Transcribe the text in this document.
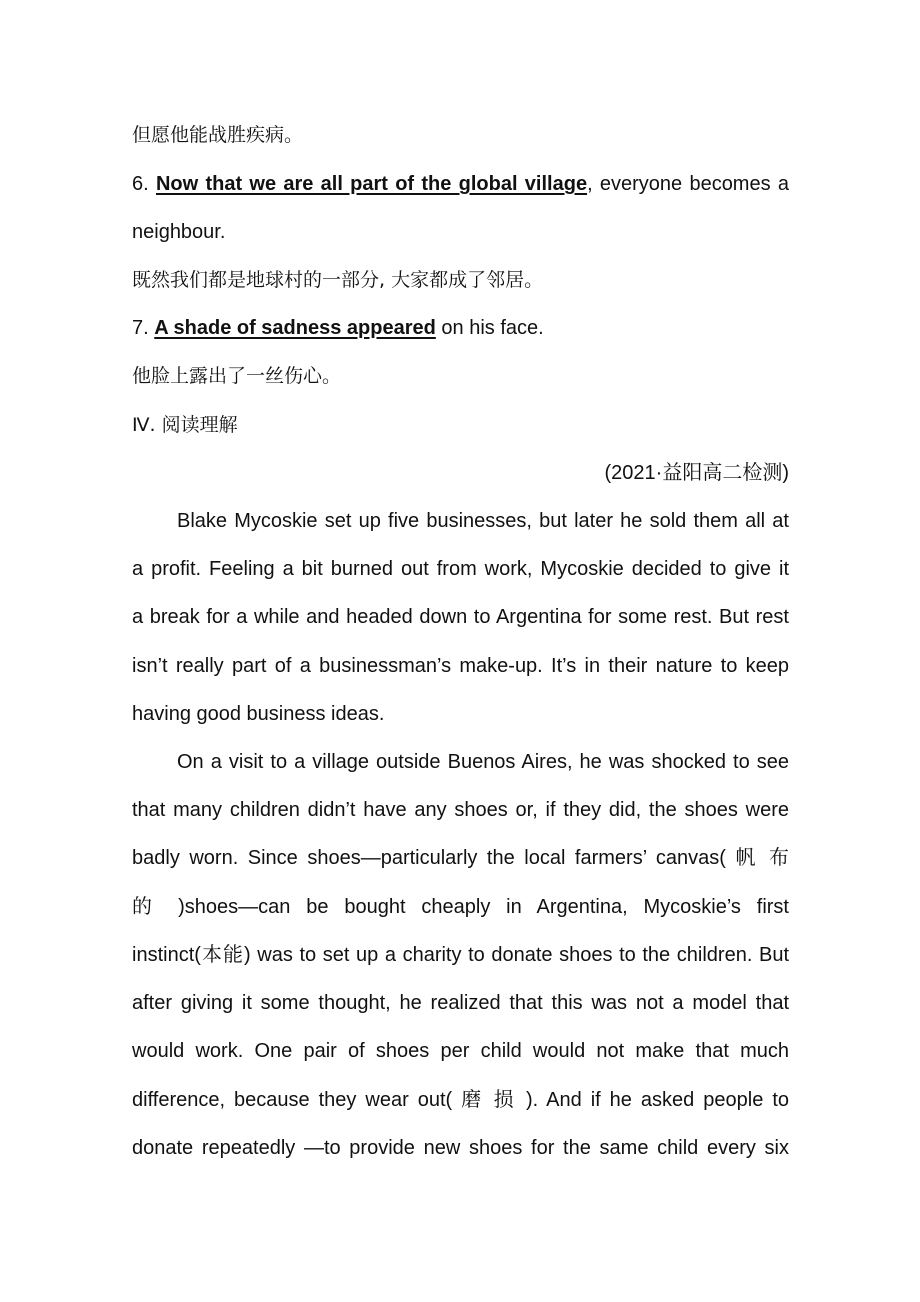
但愿他能战胜疾病。
6. Now that we are all part of the global village, everyone becomes a
neighbour.
既然我们都是地球村的一部分, 大家都成了邻居。
7. A shade of sadness appeared on his face.
他脸上露出了一丝伤心。
Ⅳ. 阅读理解
(2021·益阳高二检测)
Blake Mycoskie set up five businesses, but later he sold them all at
a profit. Feeling a bit burned out from work, Mycoskie decided to give it
a break for a while and headed down to Argentina for some rest. But rest
isn’t really part of a businessman’s make-up. It’s in their nature to keep
having good business ideas.
On a visit to a village outside Buenos Aires, he was shocked to see
that many children didn’t have any shoes or, if they did, the shoes were
badly worn. Since shoes—particularly the local farmers’ canvas( 帆 布
的 )shoes—can be bought cheaply in Argentina, Mycoskie’s first
instinct(本能) was to set up a charity to donate shoes to the children. But
after giving it some thought, he realized that this was not a model that
would work. One pair of shoes per child would not make that much
difference, because they wear out( 磨 损 ). And if he asked people to
donate repeatedly —to provide new shoes for the same child every six
